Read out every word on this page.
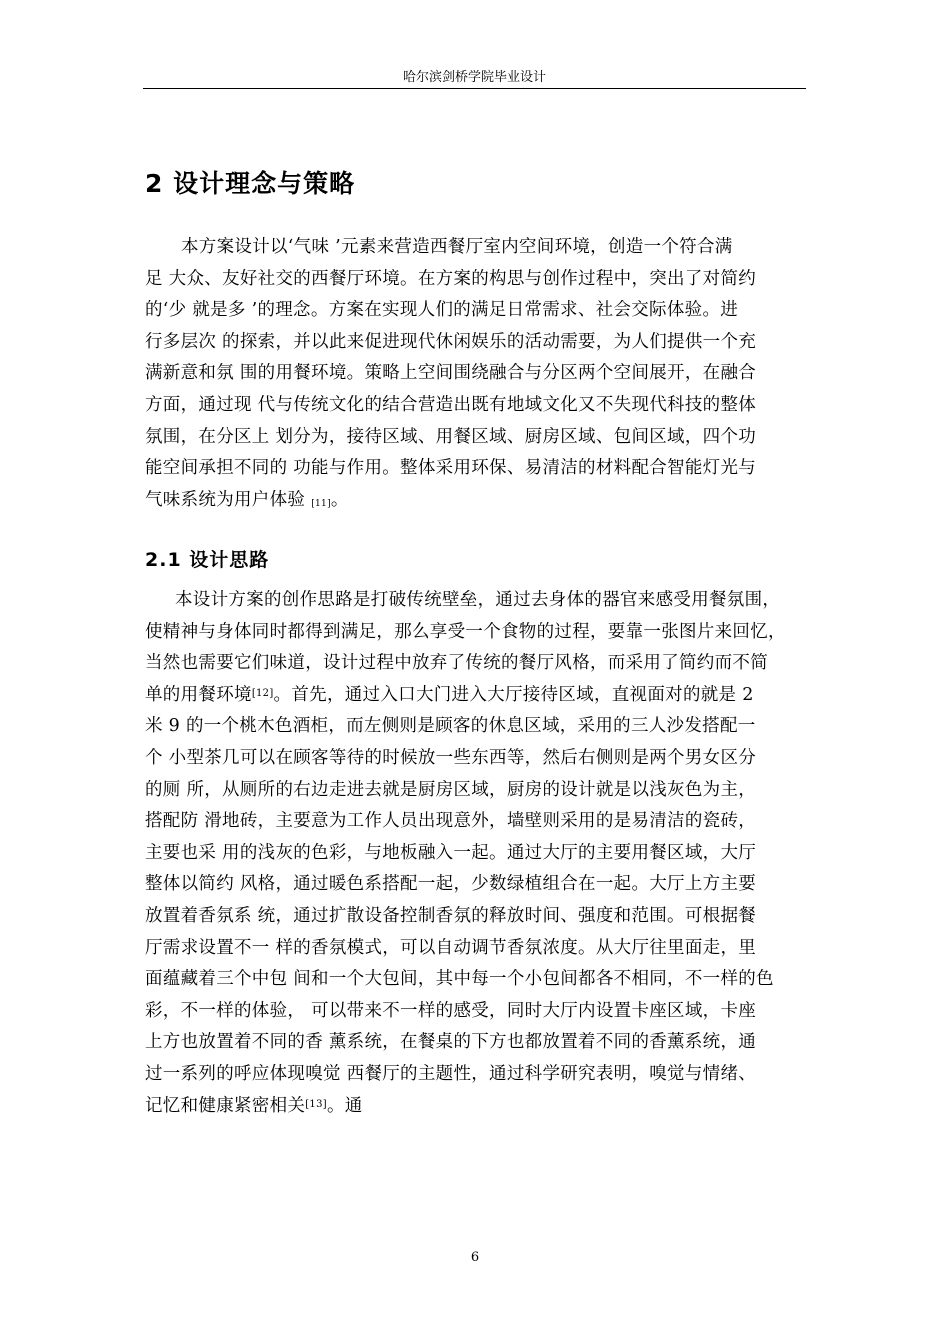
哈尔滨剑桥学院毕业设计
2 设计理念与策略
本方案设计以‘气味 ’元素来营造西餐厅室内空间环境，创造一个符合满
足 大众、友好社交的西餐厅环境。在方案的构思与创作过程中，突出了对简约
的‘少 就是多 ’的理念。方案在实现人们的满足日常需求、社会交际体验。进
行多层次 的探索，并以此来促进现代休闲娱乐的活动需要，为人们提供一个充
满新意和氛 围的用餐环境。策略上空间围绕融合与分区两个空间展开，在融合
方面，通过现 代与传统文化的结合营造出既有地域文化又不失现代科技的整体
氛围，在分区上 划分为，接待区域、用餐区域、厨房区域、包间区域，四个功
能空间承担不同的 功能与作用。整体采用环保、易清洁的材料配合智能灯光与
气味系统为用户体验 [11]。
2.1 设计思路
本设计方案的创作思路是打破传统壁垒，通过去身体的器官来感受用餐氛围，
使精神与身体同时都得到满足，那么享受一个食物的过程，要靠一张图片来回忆，
当然也需要它们味道，设计过程中放弃了传统的餐厅风格，而采用了简约而不简
单的用餐环境[12]。首先，通过入口大门进入大厅接待区域，直视面对的就是 2
米 9 的一个桃木色酒柜，而左侧则是顾客的休息区域，采用的三人沙发搭配一
个 小型茶几可以在顾客等待的时候放一些东西等，然后右侧则是两个男女区分
的厕 所，从厕所的右边走进去就是厨房区域，厨房的设计就是以浅灰色为主，
搭配防 滑地砖，主要意为工作人员出现意外，墙壁则采用的是易清洁的瓷砖，
主要也采 用的浅灰的色彩，与地板融入一起。通过大厅的主要用餐区域，大厅
整体以简约 风格，通过暖色系搭配一起，少数绿植组合在一起。大厅上方主要
放置着香氛系 统，通过扩散设备控制香氛的释放时间、强度和范围。可根据餐
厅需求设置不一 样的香氛模式，可以自动调节香氛浓度。从大厅往里面走，里
面蕴藏着三个中包 间和一个大包间，其中每一个小包间都各不相同，不一样的色
彩，不一样的体验， 可以带来不一样的感受，同时大厅内设置卡座区域，卡座
上方也放置着不同的香 薰系统，在餐桌的下方也都放置着不同的香薰系统，通
过一系列的呼应体现嗅觉 西餐厅的主题性，通过科学研究表明，嗅觉与情绪、
记忆和健康紧密相关[13]。通
6
